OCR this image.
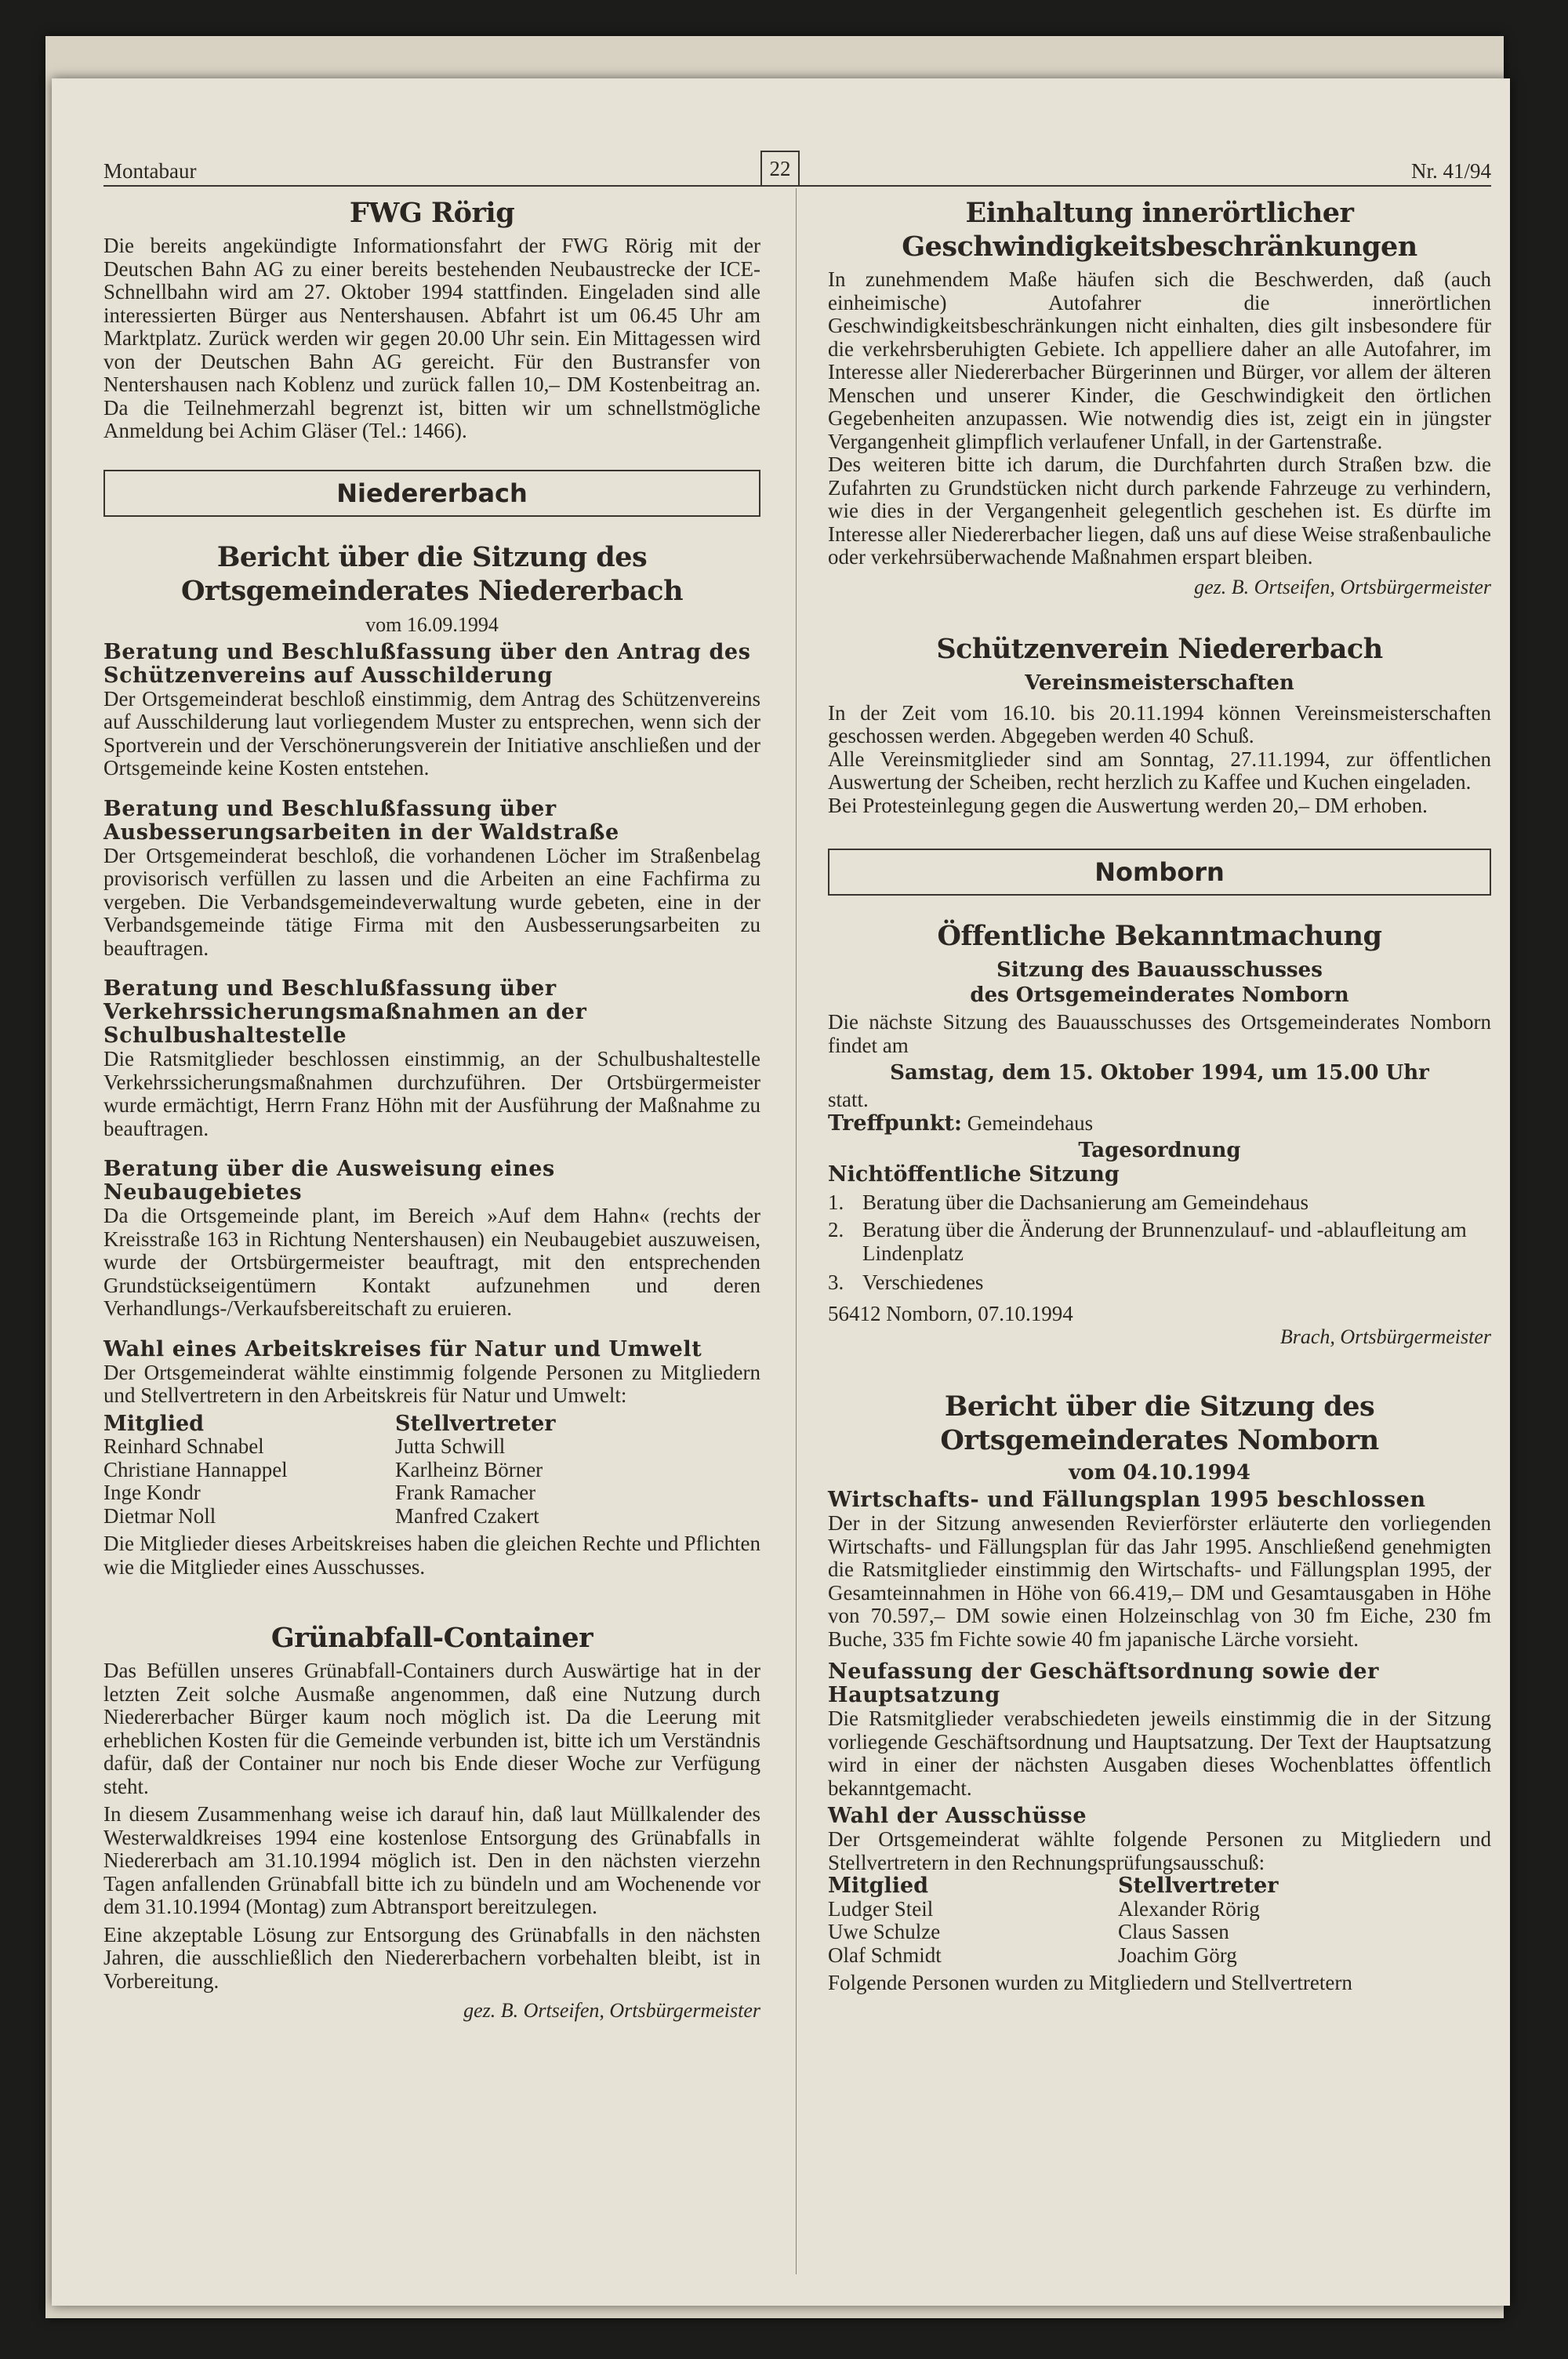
Montabaur	22	Nr. 41/94
FWG Rörig

Die bereits angekündigte Informationsfahrt der FWG Rörig mit der Deutschen Bahn AG zu einer bereits bestehenden Neubaustrecke der ICE-Schnellbahn wird am 27. Oktober 1994 stattfinden. Eingeladen sind alle interessierten Bürger aus Nentershausen. Abfahrt ist um 06.45 Uhr am Marktplatz. Zurück werden wir gegen 20.00 Uhr sein. Ein Mittagessen wird von der Deutschen Bahn AG gereicht. Für den Bustransfer von Nentershausen nach Koblenz und zurück fallen 10,– DM Kostenbeitrag an. Da die Teilnehmerzahl begrenzt ist, bitten wir um schnellstmögliche Anmeldung bei Achim Gläser (Tel.: 1466).

Niedererbach
Bericht über die Sitzung des Ortsgemeinderates Niedererbach
vom 16.09.1994
Beratung und Beschlußfassung über den Antrag des Schützenvereins auf Ausschilderung

Der Ortsgemeinderat beschloß einstimmig, dem Antrag des Schützenvereins auf Ausschilderung laut vorliegendem Muster zu entsprechen, wenn sich der Sportverein und der Verschönerungsverein der Initiative anschließen und der Ortsgemeinde keine Kosten entstehen.

Beratung und Beschlußfassung über Ausbesserungsarbeiten in der Waldstraße

Der Ortsgemeinderat beschloß, die vorhandenen Löcher im Straßenbelag provisorisch verfüllen zu lassen und die Arbeiten an eine Fachfirma zu vergeben. Die Verbandsgemeindeverwaltung wurde gebeten, eine in der Verbandsgemeinde tätige Firma mit den Ausbesserungsarbeiten zu beauftragen.

Beratung und Beschlußfassung über Verkehrssicherungsmaßnahmen an der Schulbushaltestelle

Die Ratsmitglieder beschlossen einstimmig, an der Schulbushaltestelle Verkehrssicherungsmaßnahmen durchzuführen. Der Ortsbürgermeister wurde ermächtigt, Herrn Franz Höhn mit der Ausführung der Maßnahme zu beauftragen.

Beratung über die Ausweisung eines Neubaugebietes

Da die Ortsgemeinde plant, im Bereich »Auf dem Hahn« (rechts der Kreisstraße 163 in Richtung Nentershausen) ein Neubaugebiet auszuweisen, wurde der Ortsbürgermeister beauftragt, mit den entsprechenden Grundstückseigentümern Kontakt aufzunehmen und deren Verhandlungs-/Verkaufsbereitschaft zu eruieren.

Wahl eines Arbeitskreises für Natur und Umwelt

Der Ortsgemeinderat wählte einstimmig folgende Personen zu Mitgliedern und Stellvertretern in den Arbeitskreis für Natur und Umwelt:

Mitglied	Stellvertreter
Reinhard Schnabel	Jutta Schwill
Christiane Hannappel	Karlheinz Börner
Inge Kondr	Frank Ramacher
Dietmar Noll	Manfred Czakert

Die Mitglieder dieses Arbeitskreises haben die gleichen Rechte und Pflichten wie die Mitglieder eines Ausschusses.

Grünabfall-Container

Das Befüllen unseres Grünabfall-Containers durch Auswärtige hat in der letzten Zeit solche Ausmaße angenommen, daß eine Nutzung durch Niedererbacher Bürger kaum noch möglich ist. Da die Leerung mit erheblichen Kosten für die Gemeinde verbunden ist, bitte ich um Verständnis dafür, daß der Container nur noch bis Ende dieser Woche zur Verfügung steht.

In diesem Zusammenhang weise ich darauf hin, daß laut Müllkalender des Westerwaldkreises 1994 eine kostenlose Entsorgung des Grünabfalls in Niedererbach am 31.10.1994 möglich ist. Den in den nächsten vierzehn Tagen anfallenden Grünabfall bitte ich zu bündeln und am Wochenende vor dem 31.10.1994 (Montag) zum Abtransport bereitzulegen.

Eine akzeptable Lösung zur Entsorgung des Grünabfalls in den nächsten Jahren, die ausschließlich den Niedererbachern vorbehalten bleibt, ist in Vorbereitung.

gez. B. Ortseifen, Ortsbürgermeister
Einhaltung innerörtlicher Geschwindigkeitsbeschränkungen

In zunehmendem Maße häufen sich die Beschwerden, daß (auch einheimische) Autofahrer die innerörtlichen Geschwindigkeitsbeschränkungen nicht einhalten, dies gilt insbesondere für die verkehrsberuhigten Gebiete. Ich appelliere daher an alle Autofahrer, im Interesse aller Niedererbacher Bürgerinnen und Bürger, vor allem der älteren Menschen und unserer Kinder, die Geschwindigkeit den örtlichen Gegebenheiten anzupassen. Wie notwendig dies ist, zeigt ein in jüngster Vergangenheit glimpflich verlaufener Unfall, in der Gartenstraße.

Des weiteren bitte ich darum, die Durchfahrten durch Straßen bzw. die Zufahrten zu Grundstücken nicht durch parkende Fahrzeuge zu verhindern, wie dies in der Vergangenheit gelegentlich geschehen ist. Es dürfte im Interesse aller Niedererbacher liegen, daß uns auf diese Weise straßenbauliche oder verkehrsüberwachende Maßnahmen erspart bleiben.

gez. B. Ortseifen, Ortsbürgermeister
Schützenverein Niedererbach
Vereinsmeisterschaften

In der Zeit vom 16.10. bis 20.11.1994 können Vereinsmeisterschaften geschossen werden. Abgegeben werden 40 Schuß.

Alle Vereinsmitglieder sind am Sonntag, 27.11.1994, zur öffentlichen Auswertung der Scheiben, recht herzlich zu Kaffee und Kuchen eingeladen.

Bei Protesteinlegung gegen die Auswertung werden 20,– DM erhoben.

Nomborn
Öffentliche Bekanntmachung
Sitzung des Bauausschusses
des Ortsgemeinderates Nomborn

Die nächste Sitzung des Bauausschusses des Ortsgemeinderates Nomborn findet am

Samstag, dem 15. Oktober 1994, um 15.00 Uhr

statt.

Treffpunkt: Gemeindehaus

Tagesordnung

Nichtöffentliche Sitzung

1. Beratung über die Dachsanierung am Gemeindehaus
2. Beratung über die Änderung der Brunnenzulauf- und -ablaufleitung am Lindenplatz
3. Verschiedenes

56412 Nomborn, 07.10.1994

Brach, Ortsbürgermeister
Bericht über die Sitzung des Ortsgemeinderates Nomborn
vom 04.10.1994
Wirtschafts- und Fällungsplan 1995 beschlossen

Der in der Sitzung anwesenden Revierförster erläuterte den vorliegenden Wirtschafts- und Fällungsplan für das Jahr 1995. Anschließend genehmigten die Ratsmitglieder einstimmig den Wirtschafts- und Fällungsplan 1995, der Gesamteinnahmen in Höhe von 66.419,– DM und Gesamtausgaben in Höhe von 70.597,– DM sowie einen Holzeinschlag von 30 fm Eiche, 230 fm Buche, 335 fm Fichte sowie 40 fm japanische Lärche vorsieht.

Neufassung der Geschäftsordnung sowie der Hauptsatzung

Die Ratsmitglieder verabschiedeten jeweils einstimmig die in der Sitzung vorliegende Geschäftsordnung und Hauptsatzung. Der Text der Hauptsatzung wird in einer der nächsten Ausgaben dieses Wochenblattes öffentlich bekanntgemacht.

Wahl der Ausschüsse

Der Ortsgemeinderat wählte folgende Personen zu Mitgliedern und Stellvertretern in den Rechnungsprüfungsausschuß:

Mitglied	Stellvertreter
Ludger Steil	Alexander Rörig
Uwe Schulze	Claus Sassen
Olaf Schmidt	Joachim Görg

Folgende Personen wurden zu Mitgliedern und Stellvertretern
